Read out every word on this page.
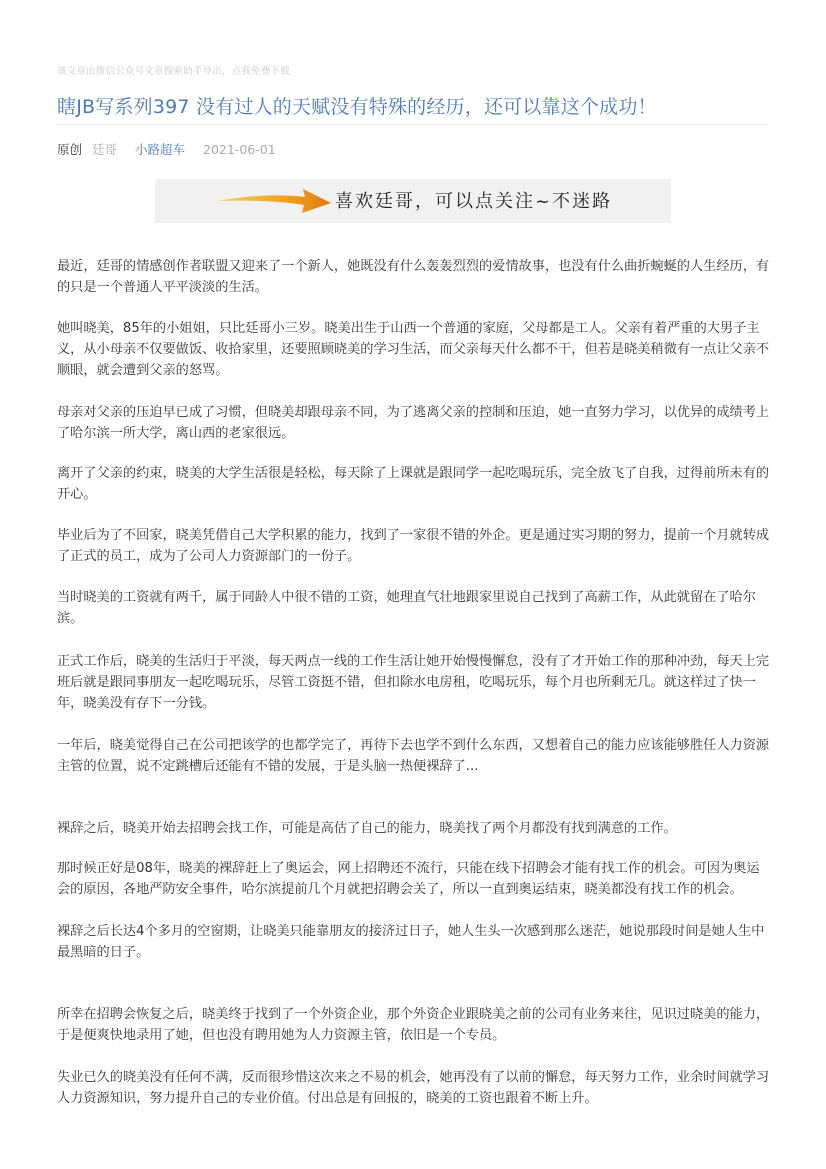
该文章由微信公众号文章搜索助手导出，点我免费下载
瞎JB写系列397 没有过人的天赋没有特殊的经历，还可以靠这个成功！
原创 廷哥 小路超车 2021-06-01
喜欢廷哥，可以点关注~不迷路

最近，廷哥的情感创作者联盟又迎来了一个新人，她既没有什么轰轰烈烈的爱情故事，也没有什么曲折蜿蜒的人生经历，有的只是一个普通人平平淡淡的生活。

她叫晓美，85年的小姐姐，只比廷哥小三岁。晓美出生于山西一个普通的家庭，父母都是工人。父亲有着严重的大男子主义，从小母亲不仅要做饭、收拾家里，还要照顾晓美的学习生活，而父亲每天什么都不干，但若是晓美稍微有一点让父亲不顺眼，就会遭到父亲的怒骂。

母亲对父亲的压迫早已成了习惯，但晓美却跟母亲不同，为了逃离父亲的控制和压迫，她一直努力学习，以优异的成绩考上了哈尔滨一所大学，离山西的老家很远。

离开了父亲的约束，晓美的大学生活很是轻松，每天除了上课就是跟同学一起吃喝玩乐，完全放飞了自我，过得前所未有的开心。

毕业后为了不回家，晓美凭借自己大学积累的能力，找到了一家很不错的外企。更是通过实习期的努力，提前一个月就转成了正式的员工，成为了公司人力资源部门的一份子。

当时晓美的工资就有两千，属于同龄人中很不错的工资，她理直气壮地跟家里说自己找到了高薪工作，从此就留在了哈尔滨。

正式工作后，晓美的生活归于平淡，每天两点一线的工作生活让她开始慢慢懈怠，没有了才开始工作的那种冲劲，每天上完班后就是跟同事朋友一起吃喝玩乐，尽管工资挺不错，但扣除水电房租，吃喝玩乐，每个月也所剩无几。就这样过了快一年，晓美没有存下一分钱。

一年后，晓美觉得自己在公司把该学的也都学完了，再待下去也学不到什么东西，又想着自己的能力应该能够胜任人力资源主管的位置，说不定跳槽后还能有不错的发展，于是头脑一热便裸辞了...

裸辞之后，晓美开始去招聘会找工作，可能是高估了自己的能力，晓美找了两个月都没有找到满意的工作。

那时候正好是08年，晓美的裸辞赶上了奥运会，网上招聘还不流行，只能在线下招聘会才能有找工作的机会。可因为奥运会的原因，各地严防安全事件，哈尔滨提前几个月就把招聘会关了，所以一直到奥运结束，晓美都没有找工作的机会。

裸辞之后长达4个多月的空窗期，让晓美只能靠朋友的接济过日子，她人生头一次感到那么迷茫，她说那段时间是她人生中最黑暗的日子。

所幸在招聘会恢复之后，晓美终于找到了一个外资企业，那个外资企业跟晓美之前的公司有业务来往，见识过晓美的能力，于是便爽快地录用了她，但也没有聘用她为人力资源主管，依旧是一个专员。

失业已久的晓美没有任何不满，反而很珍惜这次来之不易的机会，她再没有了以前的懈怠，每天努力工作，业余时间就学习人力资源知识，努力提升自己的专业价值。付出总是有回报的，晓美的工资也跟着不断上升。
